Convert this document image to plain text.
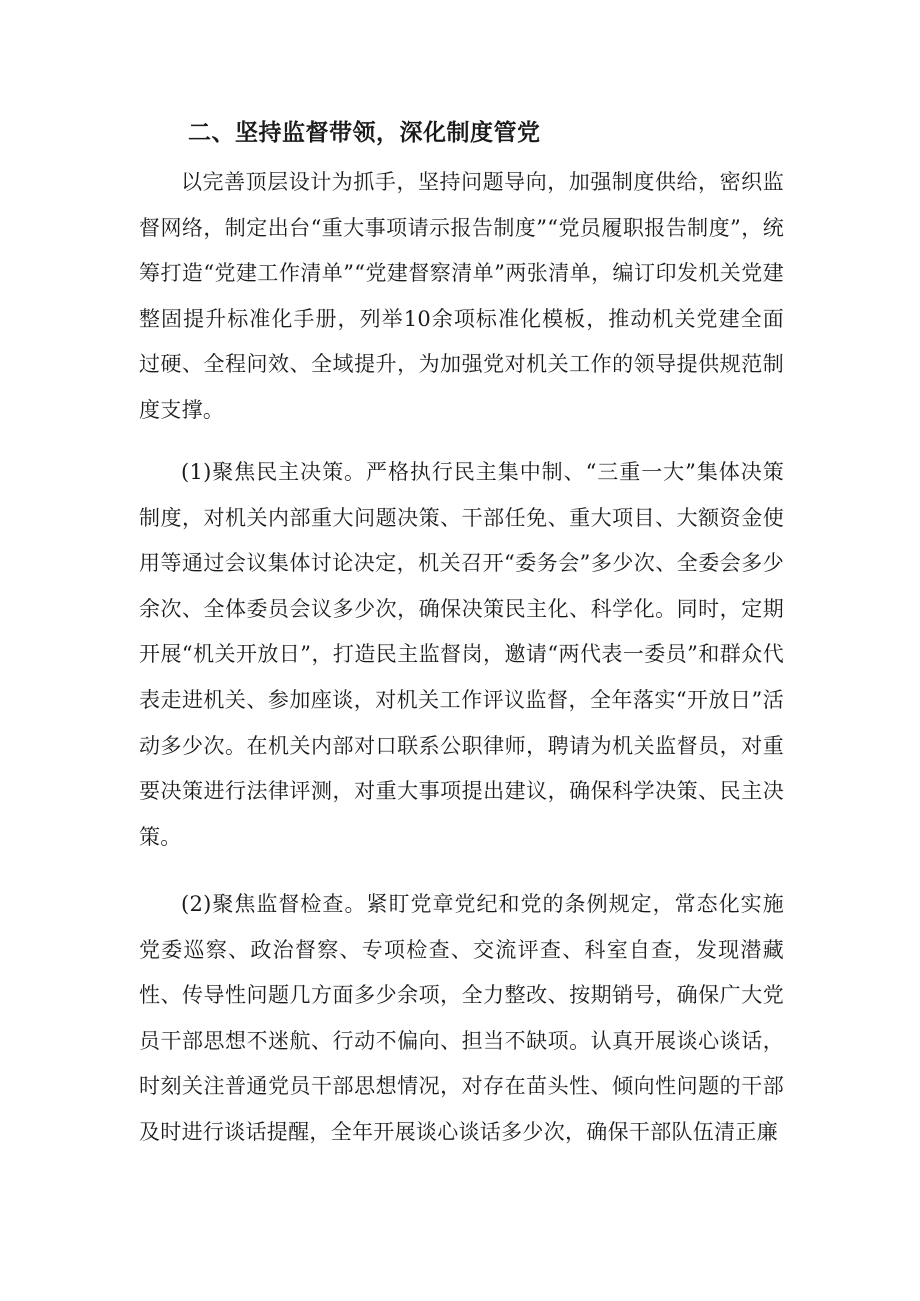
二、坚持监督带领，深化制度管党

以完善顶层设计为抓手，坚持问题导向，加强制度供给，密织监督网络，制定出台“重大事项请示报告制度”“党员履职报告制度”，统筹打造“党建工作清单”“党建督察清单”两张清单，编订印发机关党建整固提升标准化手册，列举10余项标准化模板，推动机关党建全面过硬、全程问效、全域提升，为加强党对机关工作的领导提供规范制度支撑。

(1)聚焦民主决策。严格执行民主集中制、“三重一大”集体决策制度，对机关内部重大问题决策、干部任免、重大项目、大额资金使用等通过会议集体讨论决定，机关召开“委务会”多少次、全委会多少余次、全体委员会议多少次，确保决策民主化、科学化。同时，定期开展“机关开放日”，打造民主监督岗，邀请“两代表一委员”和群众代表走进机关、参加座谈，对机关工作评议监督，全年落实“开放日”活动多少次。在机关内部对口联系公职律师，聘请为机关监督员，对重要决策进行法律评测，对重大事项提出建议，确保科学决策、民主决策。

(2)聚焦监督检查。紧盯党章党纪和党的条例规定，常态化实施党委巡察、政治督察、专项检查、交流评查、科室自查，发现潜藏性、传导性问题几方面多少余项，全力整改、按期销号，确保广大党员干部思想不迷航、行动不偏向、担当不缺项。认真开展谈心谈话，时刻关注普通党员干部思想情况，对存在苗头性、倾向性问题的干部及时进行谈话提醒，全年开展谈心谈话多少次，确保干部队伍清正廉
